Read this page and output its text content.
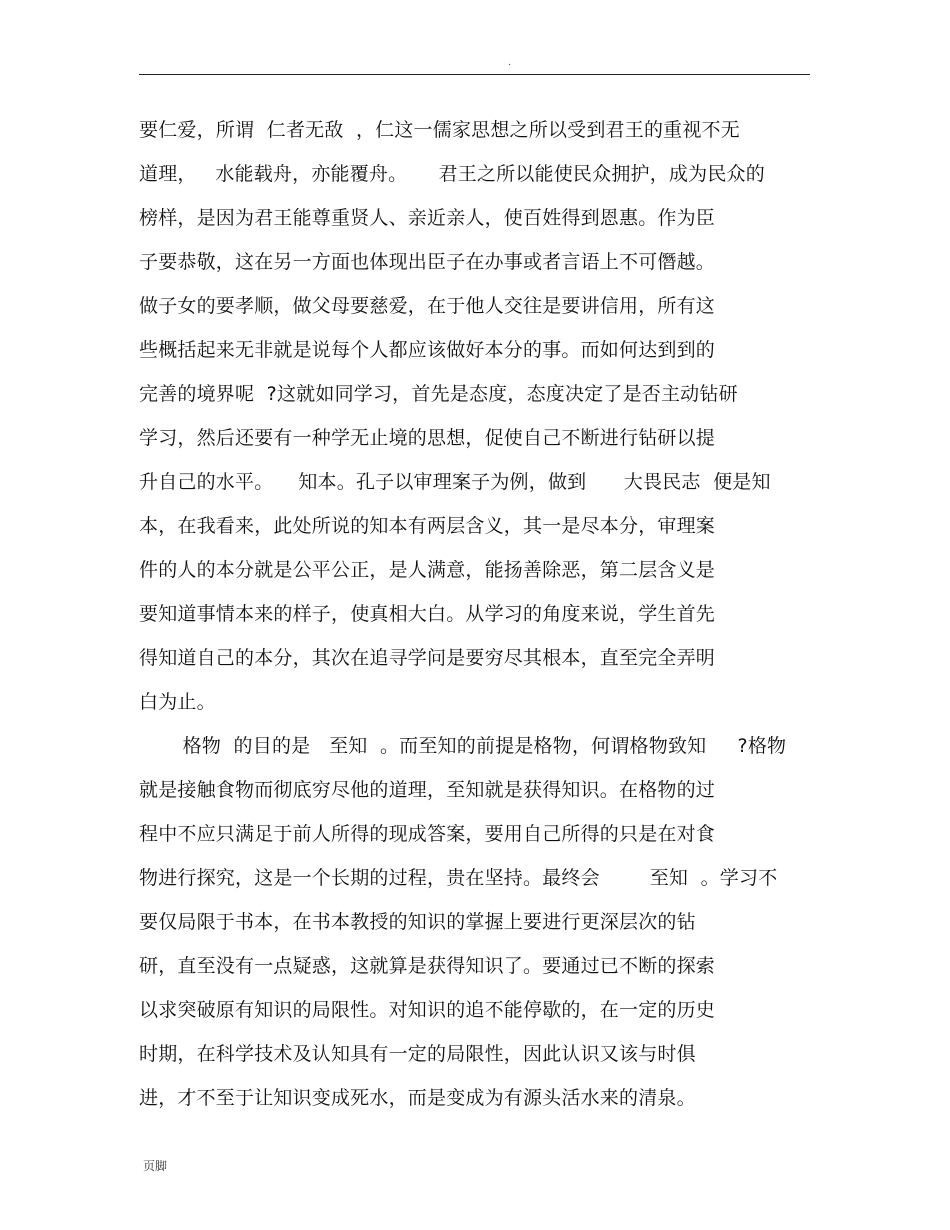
.
要仁爱，所谓  仁者无敌  ，仁这一儒家思想之所以受到君王的重视不无
道理，   水能载舟，亦能覆舟。     君王之所以能使民众拥护，成为民众的
榜样，是因为君王能尊重贤人、亲近亲人，使百姓得到恩惠。作为臣
子要恭敬，这在另一方面也体现出臣子在办事或者言语上不可僭越。
做子女的要孝顺，做父母要慈爱，在于他人交往是要讲信用，所有这
些概括起来无非就是说每个人都应该做好本分的事。而如何达到到的
完善的境界呢  ?这就如同学习，首先是态度，态度决定了是否主动钻研
学习，然后还要有一种学无止境的思想，促使自己不断进行钻研以提
升自己的水平。    知本。孔子以审理案子为例，做到      大畏民志  便是知
本，在我看来，此处所说的知本有两层含义，其一是尽本分，审理案
件的人的本分就是公平公正，是人满意，能扬善除恶，第二层含义是
要知道事情本来的样子，使真相大白。从学习的角度来说，学生首先
得知道自己的本分，其次在追寻学问是要穷尽其根本，直至完全弄明
白为止。
格物  的目的是   至知  。而至知的前提是格物，何谓格物致知     ?格物
就是接触食物而彻底穷尽他的道理，至知就是获得知识。在格物的过
程中不应只满足于前人所得的现成答案，要用自己所得的只是在对食
物进行探究，这是一个长期的过程，贵在坚持。最终会        至知  。学习不
要仅局限于书本，在书本教授的知识的掌握上要进行更深层次的钻
研，直至没有一点疑惑，这就算是获得知识了。要通过已不断的探索
以求突破原有知识的局限性。对知识的追不能停歇的，在一定的历史
时期，在科学技术及认知具有一定的局限性，因此认识又该与时俱
进，才不至于让知识变成死水，而是变成为有源头活水来的清泉。
页脚
